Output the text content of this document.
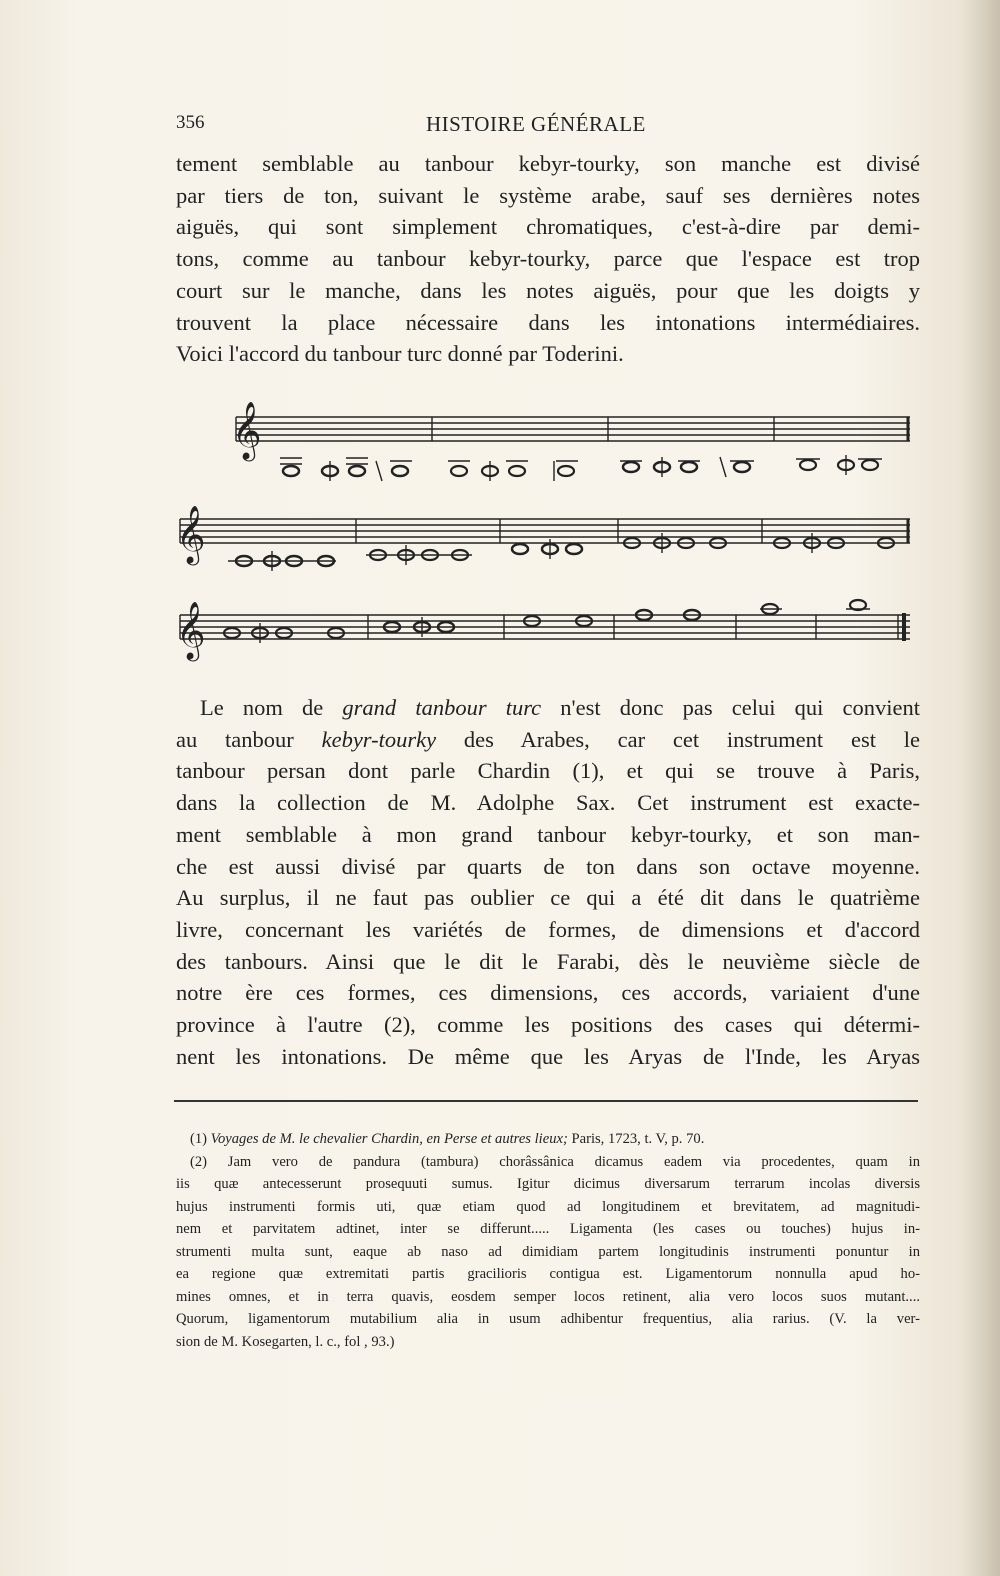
356	HISTOIRE GÉNÉRALE
tement semblable au tanbour kebyr-tourky, son manche est divisé
par tiers de ton, suivant le système arabe, sauf ses dernières notes
aiguës, qui sont simplement chromatiques, c'est-à-dire par demi-
tons, comme au tanbour kebyr-tourky, parce que l'espace est trop
court sur le manche, dans les notes aiguës, pour que les doigts y
trouvent la place nécessaire dans les intonations intermédiaires.
Voici l'accord du tanbour turc donné par Toderini.
𝄞
𝄞
𝄞
Le nom de grand tanbour turc n'est donc pas celui qui convient
au tanbour kebyr-tourky des Arabes, car cet instrument est le
tanbour persan dont parle Chardin (1), et qui se trouve à Paris,
dans la collection de M. Adolphe Sax. Cet instrument est exacte-
ment semblable à mon grand tanbour kebyr-tourky, et son man-
che est aussi divisé par quarts de ton dans son octave moyenne.
Au surplus, il ne faut pas oublier ce qui a été dit dans le quatrième
livre, concernant les variétés de formes, de dimensions et d'accord
des tanbours. Ainsi que le dit le Farabi, dès le neuvième siècle de
notre ère ces formes, ces dimensions, ces accords, variaient d'une
province à l'autre (2), comme les positions des cases qui détermi-
nent les intonations. De même que les Aryas de l'Inde, les Aryas
(1) Voyages de M. le chevalier Chardin, en Perse et autres lieux; Paris, 1723, t. V, p. 70.
(2) Jam vero de pandura (tambura) chorâssânica dicamus eadem via procedentes, quam in
iis quæ antecesserunt prosequuti sumus. Igitur dicimus diversarum terrarum incolas diversis
hujus instrumenti formis uti, quæ etiam quod ad longitudinem et brevitatem, ad magnitudi-
nem et parvitatem adtinet, inter se differunt..... Ligamenta (les cases ou touches) hujus in-
strumenti multa sunt, eaque ab naso ad dimidiam partem longitudinis instrumenti ponuntur in
ea regione quæ extremitati partis gracilioris contigua est. Ligamentorum nonnulla apud ho-
mines omnes, et in terra quavis, eosdem semper locos retinent, alia vero locos suos mutant....
Quorum, ligamentorum mutabilium alia in usum adhibentur frequentius, alia rarius. (V. la ver-
sion de M. Kosegarten, l. c., fol , 93.)
